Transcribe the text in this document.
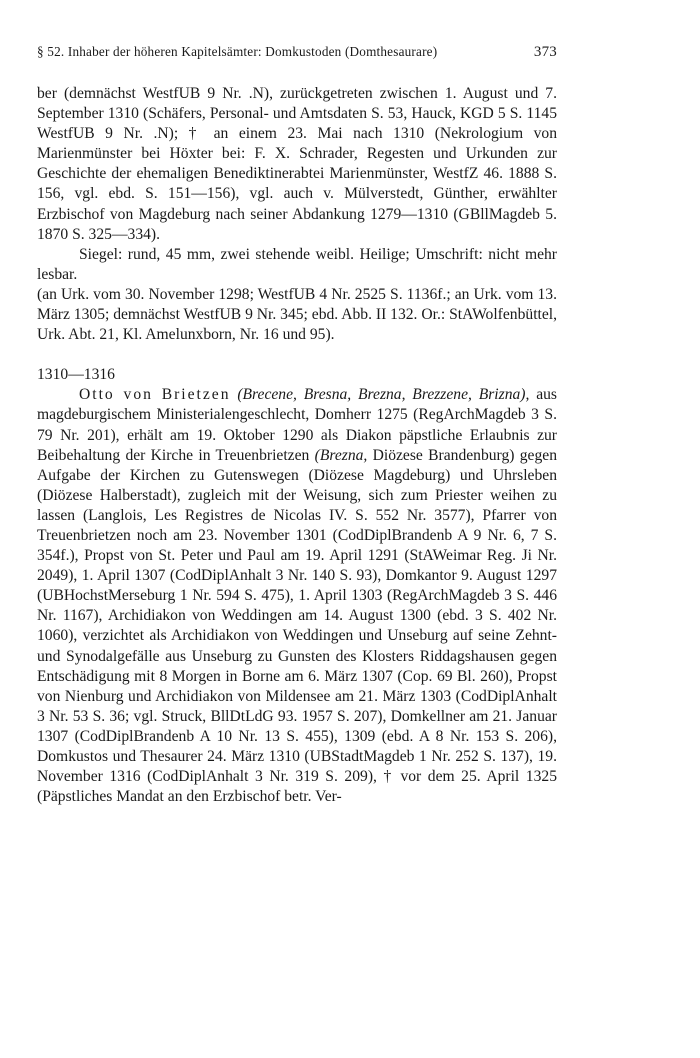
§ 52. Inhaber der höheren Kapitelsämter: Domkustoden (Domthesaurare)	373

ber (demnächst WestfUB 9 Nr. .N), zurückgetreten zwischen 1. August und 7. September 1310 (Schäfers, Personal- und Amtsdaten S. 53, Hauck, KGD 5 S. 1145 WestfUB 9 Nr. .N); † an einem 23. Mai nach 1310 (Nekrologium von Marienmünster bei Höxter bei: F. X. Schrader, Regesten und Urkunden zur Geschichte der ehemaligen Benediktinerabtei Marienmünster, WestfZ 46. 1888 S. 156, vgl. ebd. S. 151—156), vgl. auch v. Mülverstedt, Günther, erwählter Erzbischof von Magdeburg nach seiner Abdankung 1279—1310 (GBllMagdeb 5. 1870 S. 325—334).

Siegel: rund, 45 mm, zwei stehende weibl. Heilige; Umschrift: nicht mehr lesbar.

(an Urk. vom 30. November 1298; WestfUB 4 Nr. 2525 S. 1136f.; an Urk. vom 13. März 1305; demnächst WestfUB 9 Nr. 345; ebd. Abb. II 132. Or.: StAWolfenbüttel, Urk. Abt. 21, Kl. Amelunxborn, Nr. 16 und 95).

1310—1316

Otto von Brietzen (Brecene, Bresna, Brezna, Brezzene, Brizna), aus magdeburgischem Ministerialengeschlecht, Domherr 1275 (RegArchMagdeb 3 S. 79 Nr. 201), erhält am 19. Oktober 1290 als Diakon päpstliche Erlaubnis zur Beibehaltung der Kirche in Treuenbrietzen (Brezna, Diözese Brandenburg) gegen Aufgabe der Kirchen zu Gutenswegen (Diözese Magdeburg) und Uhrsleben (Diözese Halberstadt), zugleich mit der Weisung, sich zum Priester weihen zu lassen (Langlois, Les Registres de Nicolas IV. S. 552 Nr. 3577), Pfarrer von Treuenbrietzen noch am 23. November 1301 (CodDiplBrandenb A 9 Nr. 6, 7 S. 354f.), Propst von St. Peter und Paul am 19. April 1291 (StAWeimar Reg. Ji Nr. 2049), 1. April 1307 (CodDiplAnhalt 3 Nr. 140 S. 93), Domkantor 9. August 1297 (UBHochstMerseburg 1 Nr. 594 S. 475), 1. April 1303 (RegArchMagdeb 3 S. 446 Nr. 1167), Archidiakon von Weddingen am 14. August 1300 (ebd. 3 S. 402 Nr. 1060), verzichtet als Archidiakon von Weddingen und Unseburg auf seine Zehnt- und Synodalgefälle aus Unseburg zu Gunsten des Klosters Riddagshausen gegen Entschädigung mit 8 Morgen in Borne am 6. März 1307 (Cop. 69 Bl. 260), Propst von Nienburg und Archidiakon von Mildensee am 21. März 1303 (CodDiplAnhalt 3 Nr. 53 S. 36; vgl. Struck, BllDtLdG 93. 1957 S. 207), Domkellner am 21. Januar 1307 (CodDiplBrandenb A 10 Nr. 13 S. 455), 1309 (ebd. A 8 Nr. 153 S. 206), Domkustos und Thesaurer 24. März 1310 (UBStadtMagdeb 1 Nr. 252 S. 137), 19. November 1316 (CodDiplAnhalt 3 Nr. 319 S. 209), † vor dem 25. April 1325 (Päpstliches Mandat an den Erzbischof betr. Ver-
